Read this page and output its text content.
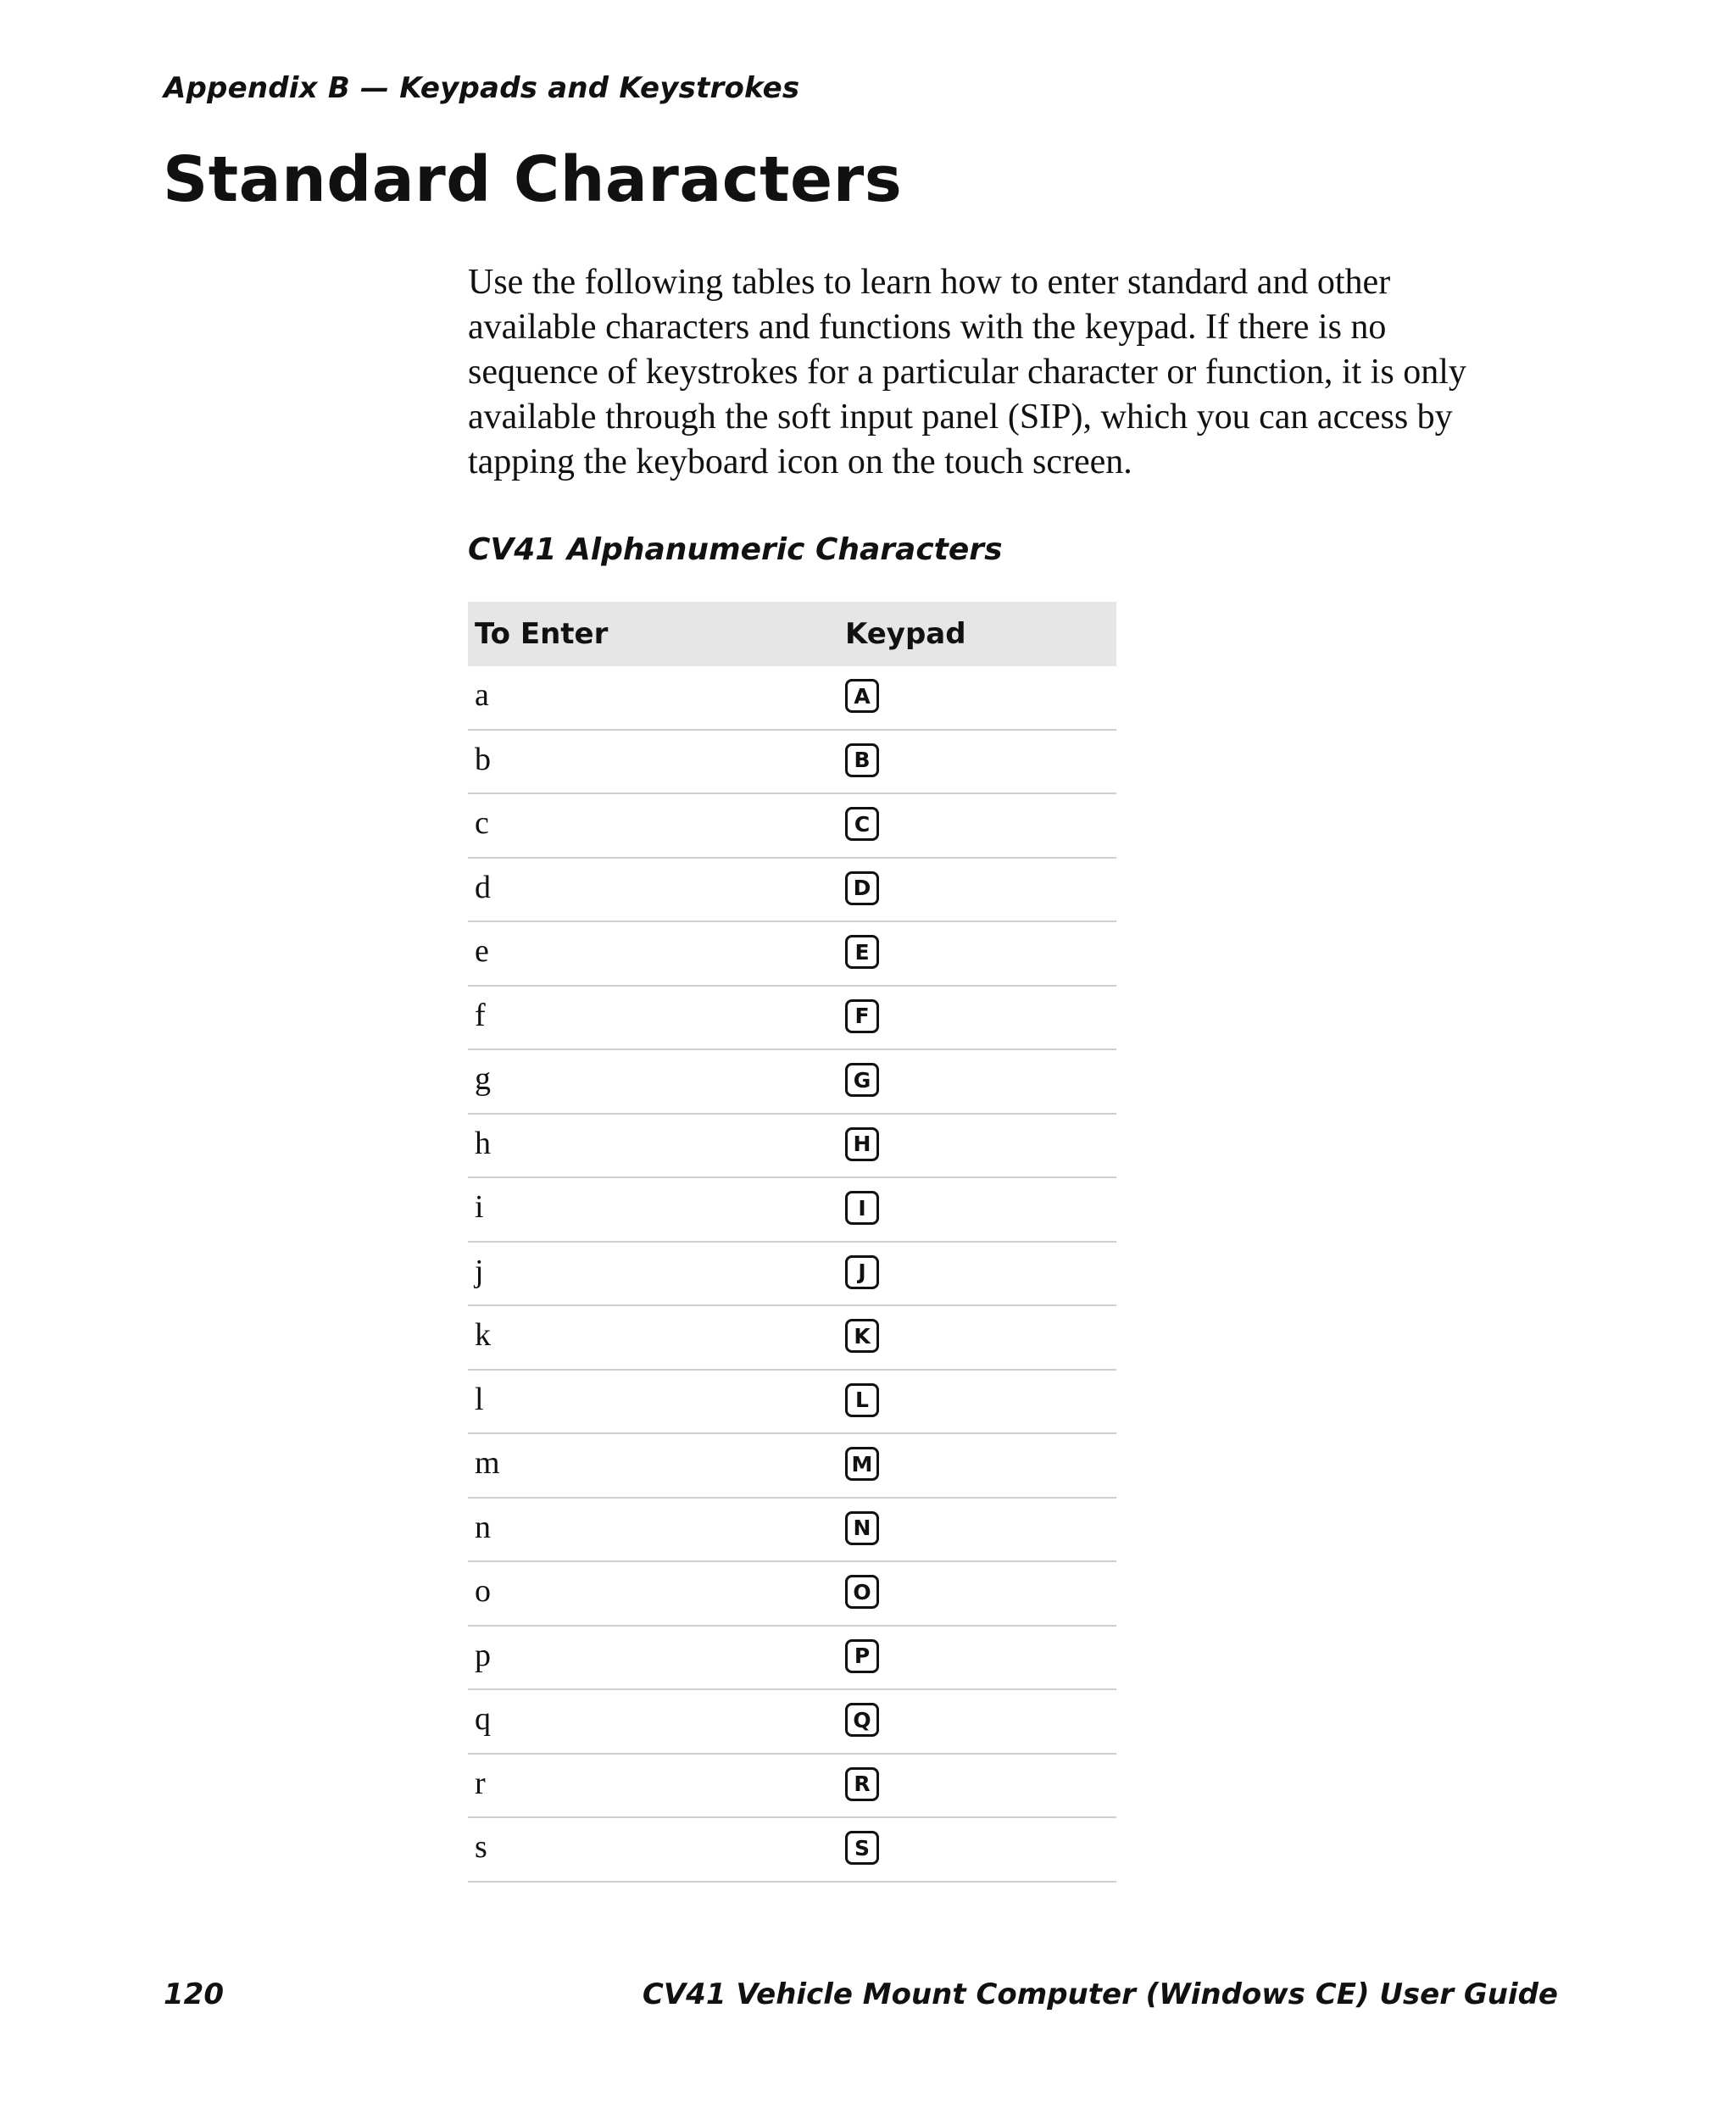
Appendix B — Keypads and Keystrokes
Standard Characters

Use the following tables to learn how to enter standard and other
available characters and functions with the keypad. If there is no
sequence of keystrokes for a particular character or function, it is only
available through the soft input panel (SIP), which you can access by
tapping the keyboard icon on the touch screen.

CV41 Alphanumeric Characters
To Enter	Keypad
a	A
b	B
c	C
d	D
e	E
f	F
g	G
h	H
i	I
j	J
k	K
l	L
m	M
n	N
o	O
p	P
q	Q
r	R
s	S
120	CV41 Vehicle Mount Computer (Windows CE) User Guide
